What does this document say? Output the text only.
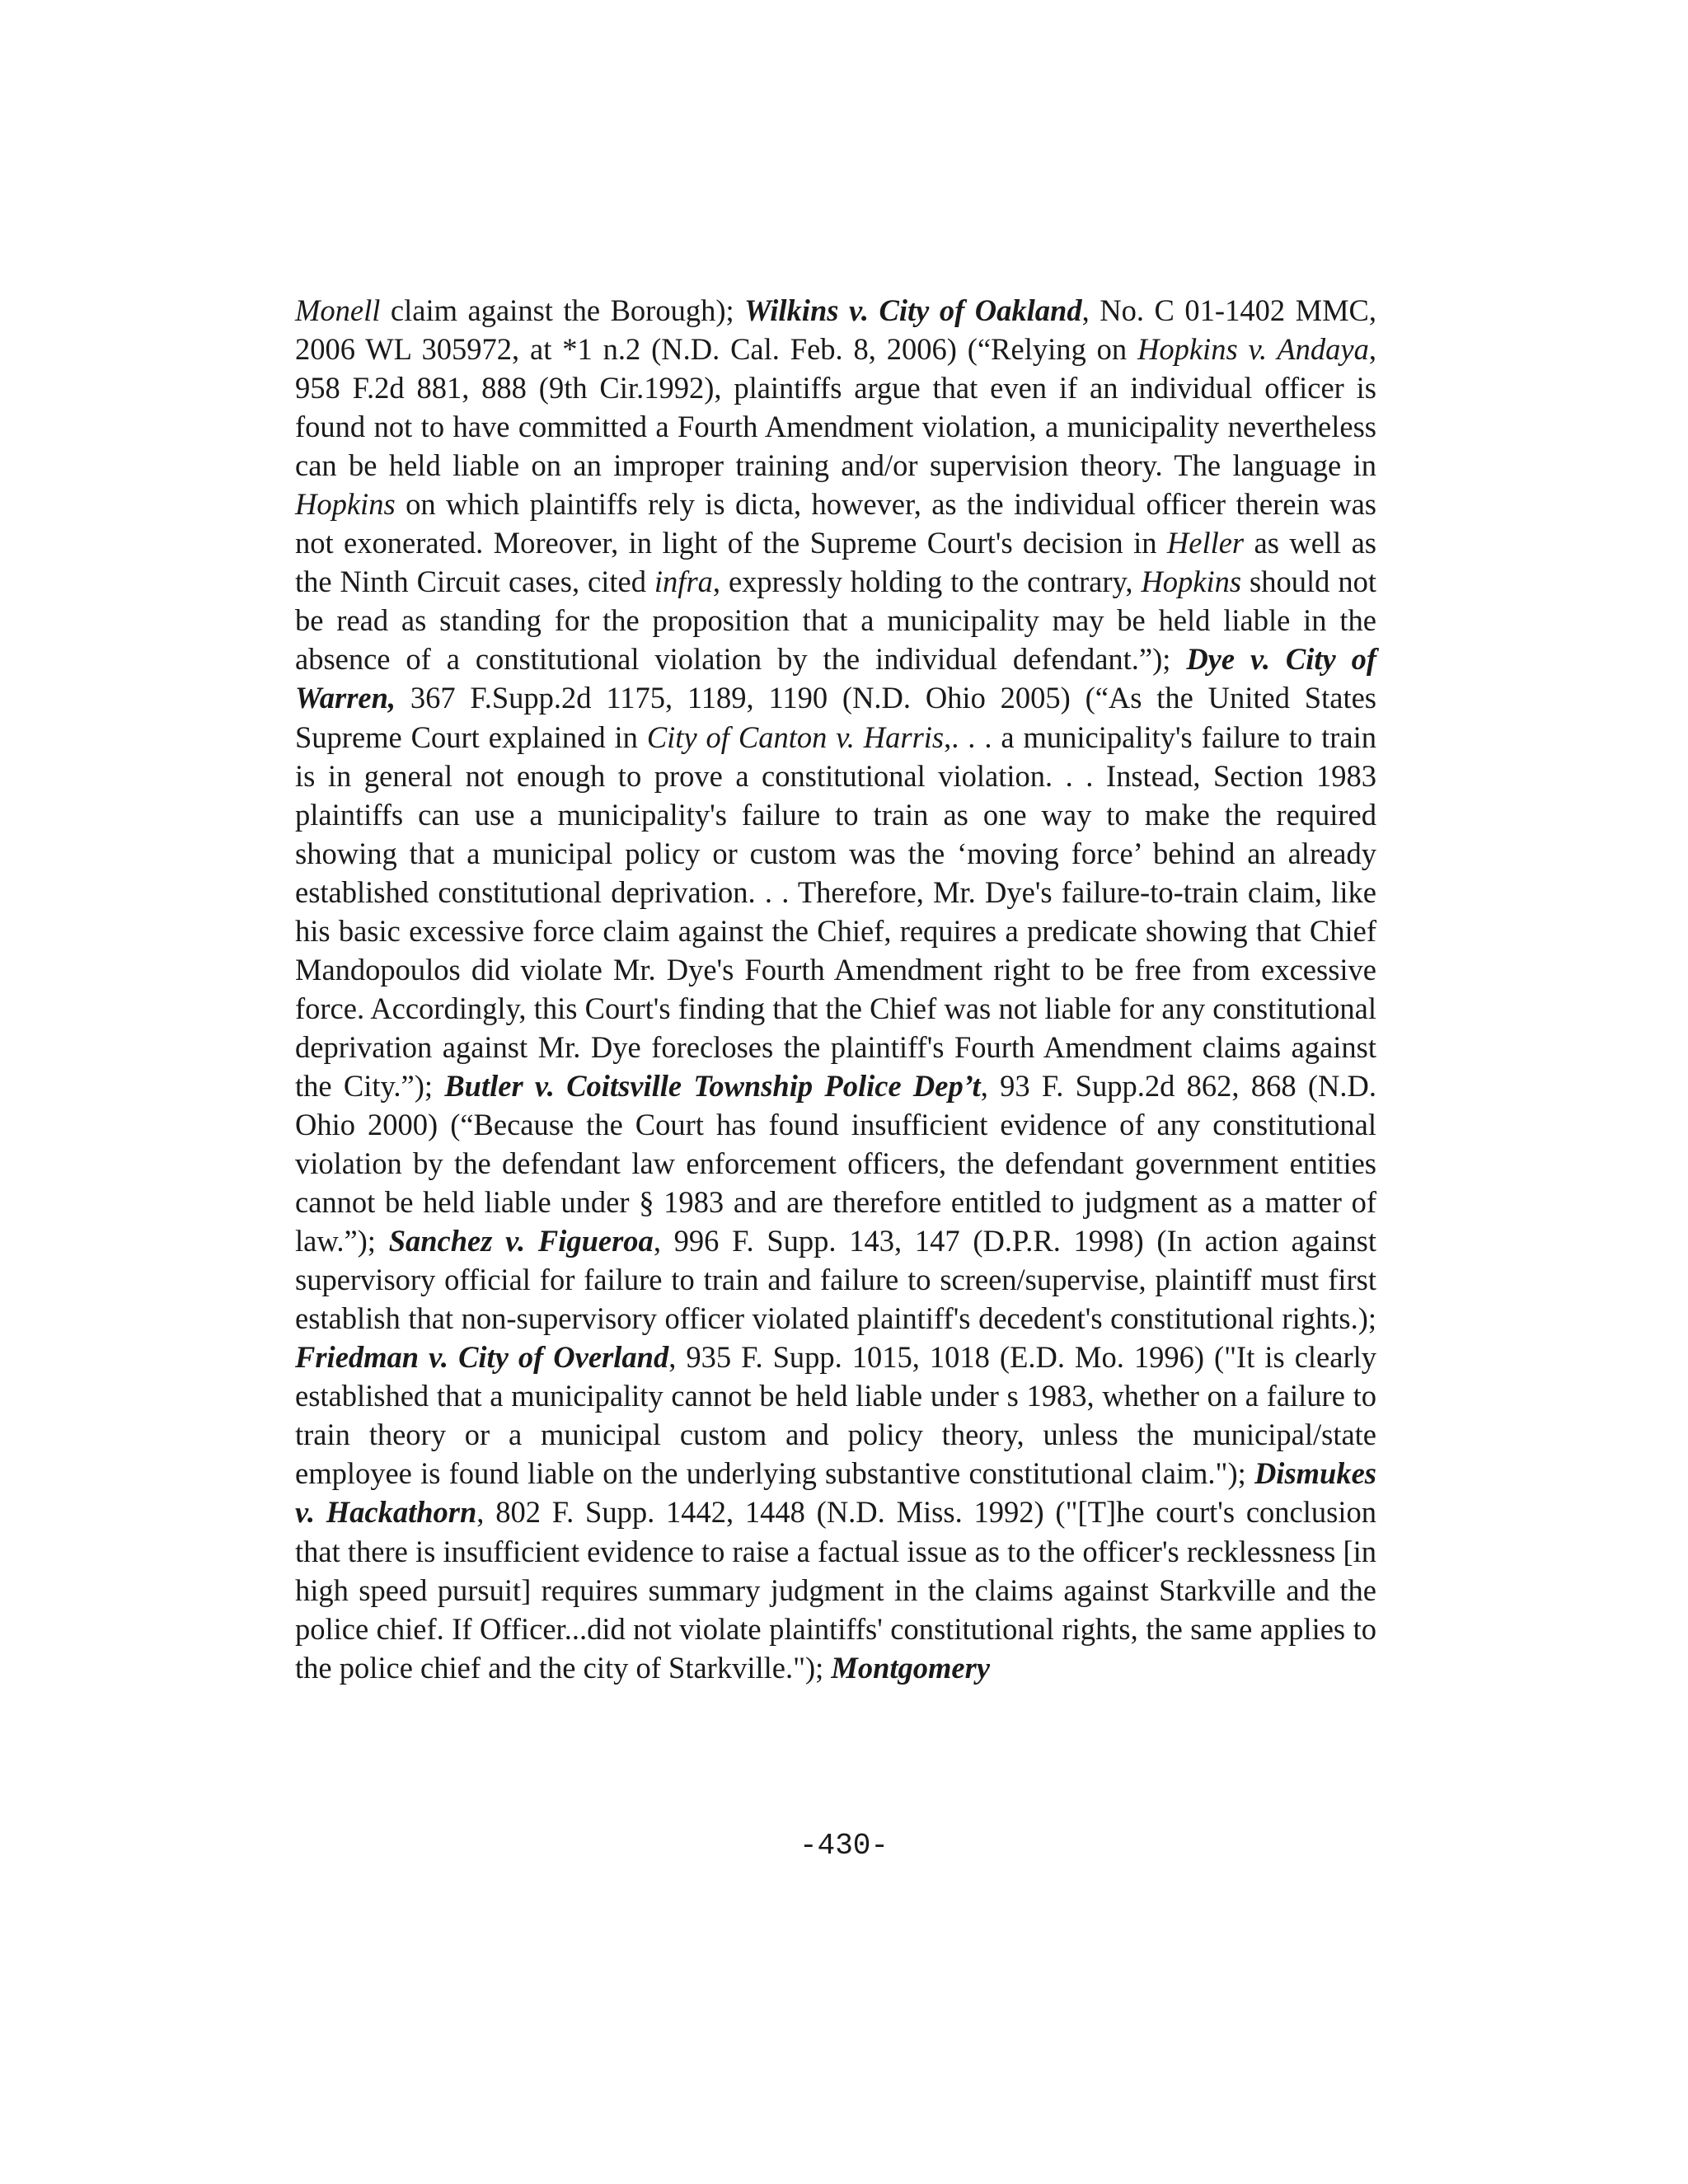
Monell claim against the Borough); Wilkins v. City of Oakland, No. C 01-1402 MMC, 2006 WL 305972, at *1 n.2 (N.D. Cal. Feb. 8, 2006) (“Relying on Hopkins v. Andaya, 958 F.2d 881, 888 (9th Cir.1992), plaintiffs argue that even if an individual officer is found not to have committed a Fourth Amendment violation, a municipality nevertheless can be held liable on an improper training and/or supervision theory. The language in Hopkins on which plaintiffs rely is dicta, however, as the individual officer therein was not exonerated. Moreover, in light of the Supreme Court's decision in Heller as well as the Ninth Circuit cases, cited infra, expressly holding to the contrary, Hopkins should not be read as standing for the proposition that a municipality may be held liable in the absence of a constitutional violation by the individual defendant.”); Dye v. City of Warren, 367 F.Supp.2d 1175, 1189, 1190 (N.D. Ohio 2005) (“As the United States Supreme Court explained in City of Canton v. Harris,. . . a municipality's failure to train is in general not enough to prove a constitutional violation. . . Instead, Section 1983 plaintiffs can use a municipality's failure to train as one way to make the required showing that a municipal policy or custom was the ‘moving force’ behind an already established constitutional deprivation. . . Therefore, Mr. Dye's failure-to-train claim, like his basic excessive force claim against the Chief, requires a predicate showing that Chief Mandopoulos did violate Mr. Dye's Fourth Amendment right to be free from excessive force. Accordingly, this Court's finding that the Chief was not liable for any constitutional deprivation against Mr. Dye forecloses the plaintiff's Fourth Amendment claims against the City.”); Butler v. Coitsville Township Police Dep’t, 93 F. Supp.2d 862, 868 (N.D. Ohio 2000) (“Because the Court has found insufficient evidence of any constitutional violation by the defendant law enforcement officers, the defendant government entities cannot be held liable under § 1983 and are therefore entitled to judgment as a matter of law.”); Sanchez v. Figueroa, 996 F. Supp. 143, 147 (D.P.R. 1998) (In action against supervisory official for failure to train and failure to screen/supervise, plaintiff must first establish that non-supervisory officer violated plaintiff's decedent's constitutional rights.); Friedman v. City of Overland, 935 F. Supp. 1015, 1018 (E.D. Mo. 1996) ("It is clearly established that a municipality cannot be held liable under s 1983, whether on a failure to train theory or a municipal custom and policy theory, unless the municipal/state employee is found liable on the underlying substantive constitutional claim."); Dismukes v. Hackathorn, 802 F. Supp. 1442, 1448 (N.D. Miss. 1992) ("[T]he court's conclusion that there is insufficient evidence to raise a factual issue as to the officer's recklessness [in high speed pursuit] requires summary judgment in the claims against Starkville and the police chief. If Officer...did not violate plaintiffs' constitutional rights, the same applies to the police chief and the city of Starkville."); Montgomery

-430-
